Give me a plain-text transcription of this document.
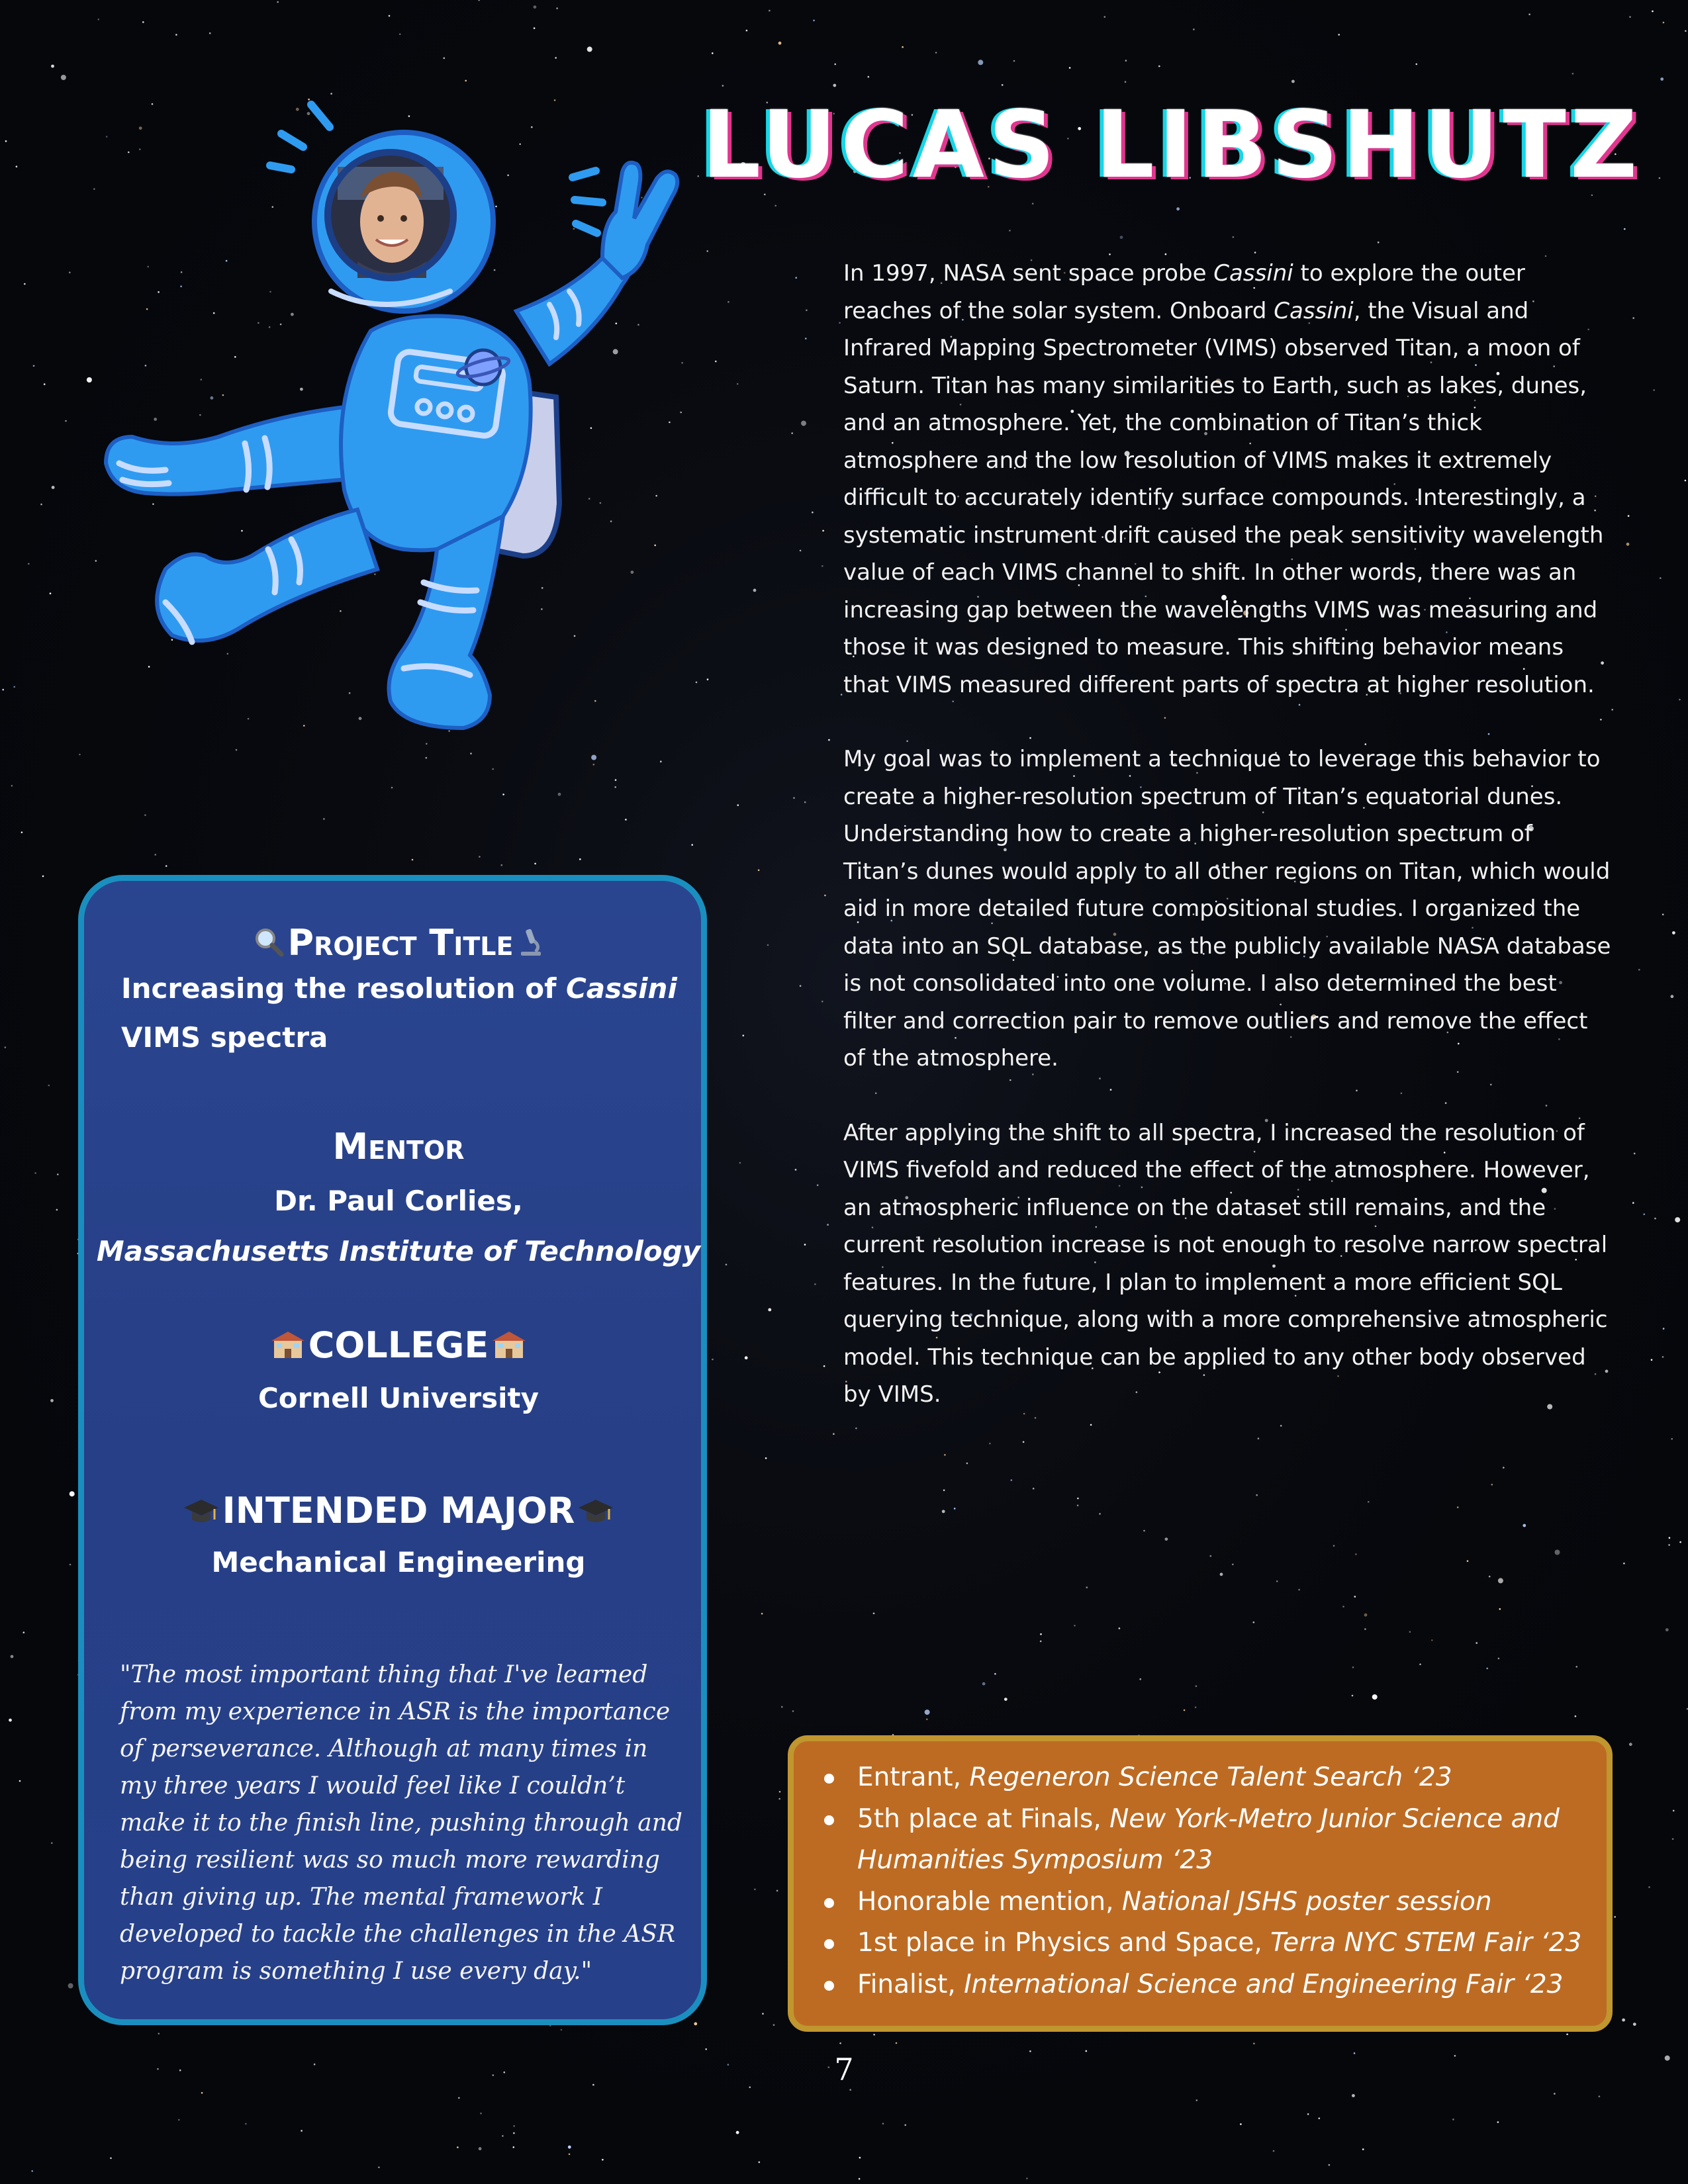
LUCAS LIBSHUTZ

In 1997, NASA sent space probe Cassini to explore the outer reaches of the solar system. Onboard Cassini, the Visual and Infrared Mapping Spectrometer (VIMS) observed Titan, a moon of Saturn. Titan has many similarities to Earth, such as lakes, dunes, and an atmosphere. Yet, the combination of Titan’s thick atmosphere and the low resolution of VIMS makes it extremely difficult to accurately identify surface compounds. Interestingly, a systematic instrument drift caused the peak sensitivity wavelength value of each VIMS channel to shift. In other words, there was an increasing gap between the wavelengths VIMS was measuring and those it was designed to measure. This shifting behavior means that VIMS measured different parts of spectra at higher resolution.

My goal was to implement a technique to leverage this behavior to create a higher-resolution spectrum of Titan’s equatorial dunes. Understanding how to create a higher-resolution spectrum of Titan’s dunes would apply to all other regions on Titan, which would aid in more detailed future compositional studies. I organized the data into an SQL database, as the publicly available NASA database is not consolidated into one volume. I also determined the best filter and correction pair to remove outliers and remove the effect of the atmosphere.

After applying the shift to all spectra, I increased the resolution of VIMS fivefold and reduced the effect of the atmosphere. However, an atmospheric influence on the dataset still remains, and the current resolution increase is not enough to resolve narrow spectral features. In the future, I plan to implement a more efficient SQL querying technique, along with a more comprehensive atmospheric model. This technique can be applied to any other body observed by VIMS.

Project Title
Increasing the resolution of Cassini
VIMS spectra
Mentor
Dr. Paul Corlies,
Massachusetts Institute of Technology
COLLEGE
Cornell University
INTENDED MAJOR
Mechanical Engineering
"The most important thing that I've learned from my experience in ASR is the importance of perseverance. Although at many times in my three years I would feel like I couldn’t make it to the finish line, pushing through and being resilient was so much more rewarding than giving up. The mental framework I developed to tackle the challenges in the ASR program is something I use every day."
Entrant, Regeneron Science Talent Search ‘23
5th place at Finals, New York-Metro Junior Science and Humanities Symposium ‘23
Honorable mention, National JSHS poster session
1st place in Physics and Space, Terra NYC STEM Fair ‘23
Finalist, International Science and Engineering Fair ‘23
7
